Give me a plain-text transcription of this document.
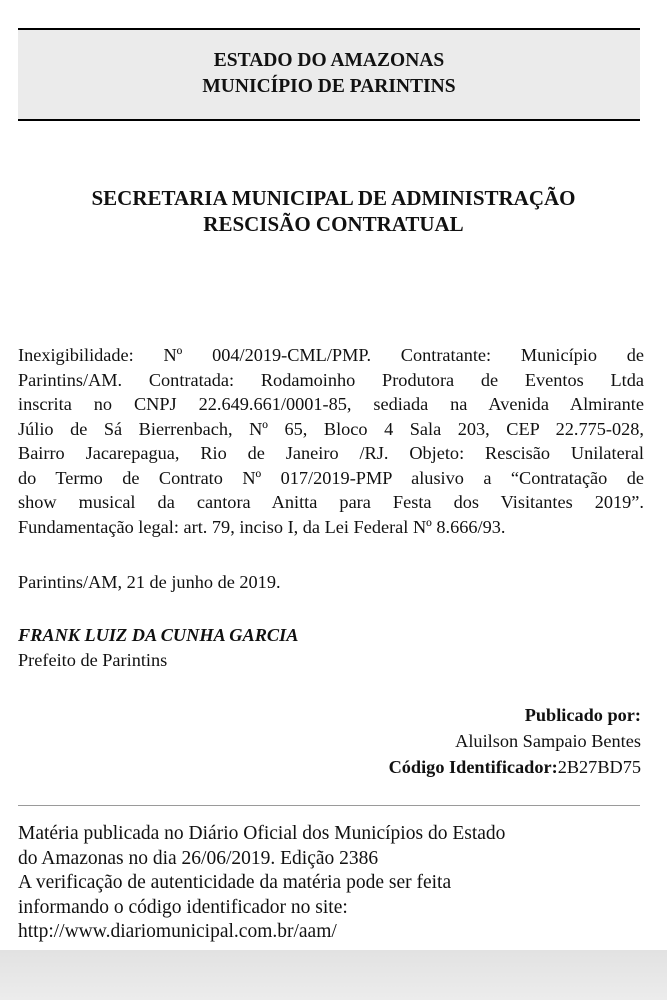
ESTADO DO AMAZONAS
MUNICÍPIO DE PARINTINS
SECRETARIA MUNICIPAL DE ADMINISTRAÇÃO
RESCISÃO CONTRATUAL
Inexigibilidade: Nº 004/2019-CML/PMP. Contratante: Município de
Parintins/AM. Contratada: Rodamoinho Produtora de Eventos Ltda
inscrita no CNPJ 22.649.661/0001-85, sediada na Avenida Almirante
Júlio de Sá Bierrenbach, Nº 65, Bloco 4 Sala 203, CEP 22.775-028,
Bairro Jacarepagua, Rio de Janeiro /RJ. Objeto: Rescisão Unilateral
do Termo de Contrato Nº 017/2019-PMP alusivo a “Contratação de
show musical da cantora Anitta para Festa dos Visitantes 2019”.
Fundamentação legal: art. 79, inciso I, da Lei Federal Nº 8.666/93.
Parintins/AM, 21 de junho de 2019.
FRANK LUIZ DA CUNHA GARCIA
Prefeito de Parintins
Publicado por:
Aluilson Sampaio Bentes
Código Identificador:2B27BD75
Matéria publicada no Diário Oficial dos Municípios do Estado
do Amazonas no dia 26/06/2019. Edição 2386
A verificação de autenticidade da matéria pode ser feita
informando o código identificador no site:
http://www.diariomunicipal.com.br/aam/
